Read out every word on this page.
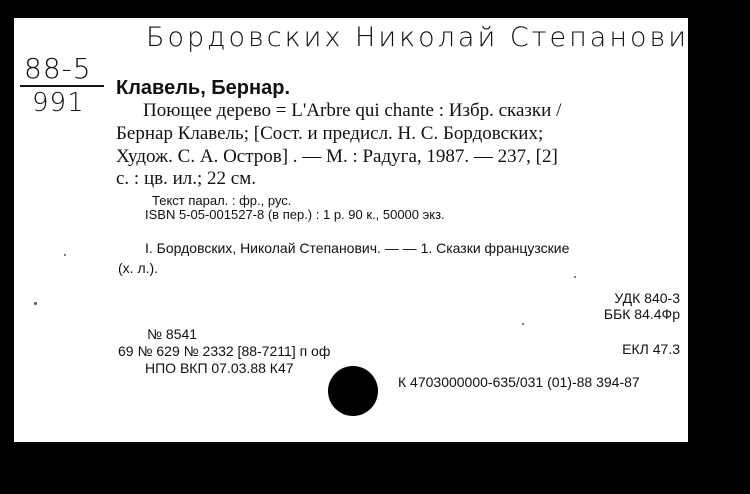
Бордовских Николай Степанови
88-5
991 Клавель, Бернар.
Поющее дерево = L'Arbre qui chante : Избр. сказки /
Бернар Клавель; [Сост. и предисл. Н. С. Бордовских;
Худож. С. А. Остров] . — М. : Радуга, 1987. — 237, [2]
с. : цв. ил.; 22 см.
Текст парал. : фр., рус.
ISBN 5-05-001527-8 (в пер.) : 1 р. 90 к., 50000 экз.
I. Бордовских, Николай Степанович. — — 1. Сказки французские
(х. л.).
УДК 840-3
ББК 84.4Фр
№ 8541
69 № 629 № 2332 [88-7211] п оф	ЕКЛ 47.3
НПО ВКП 07.03.88 К47
К 4703000000-635/031 (01)-88 394-87
